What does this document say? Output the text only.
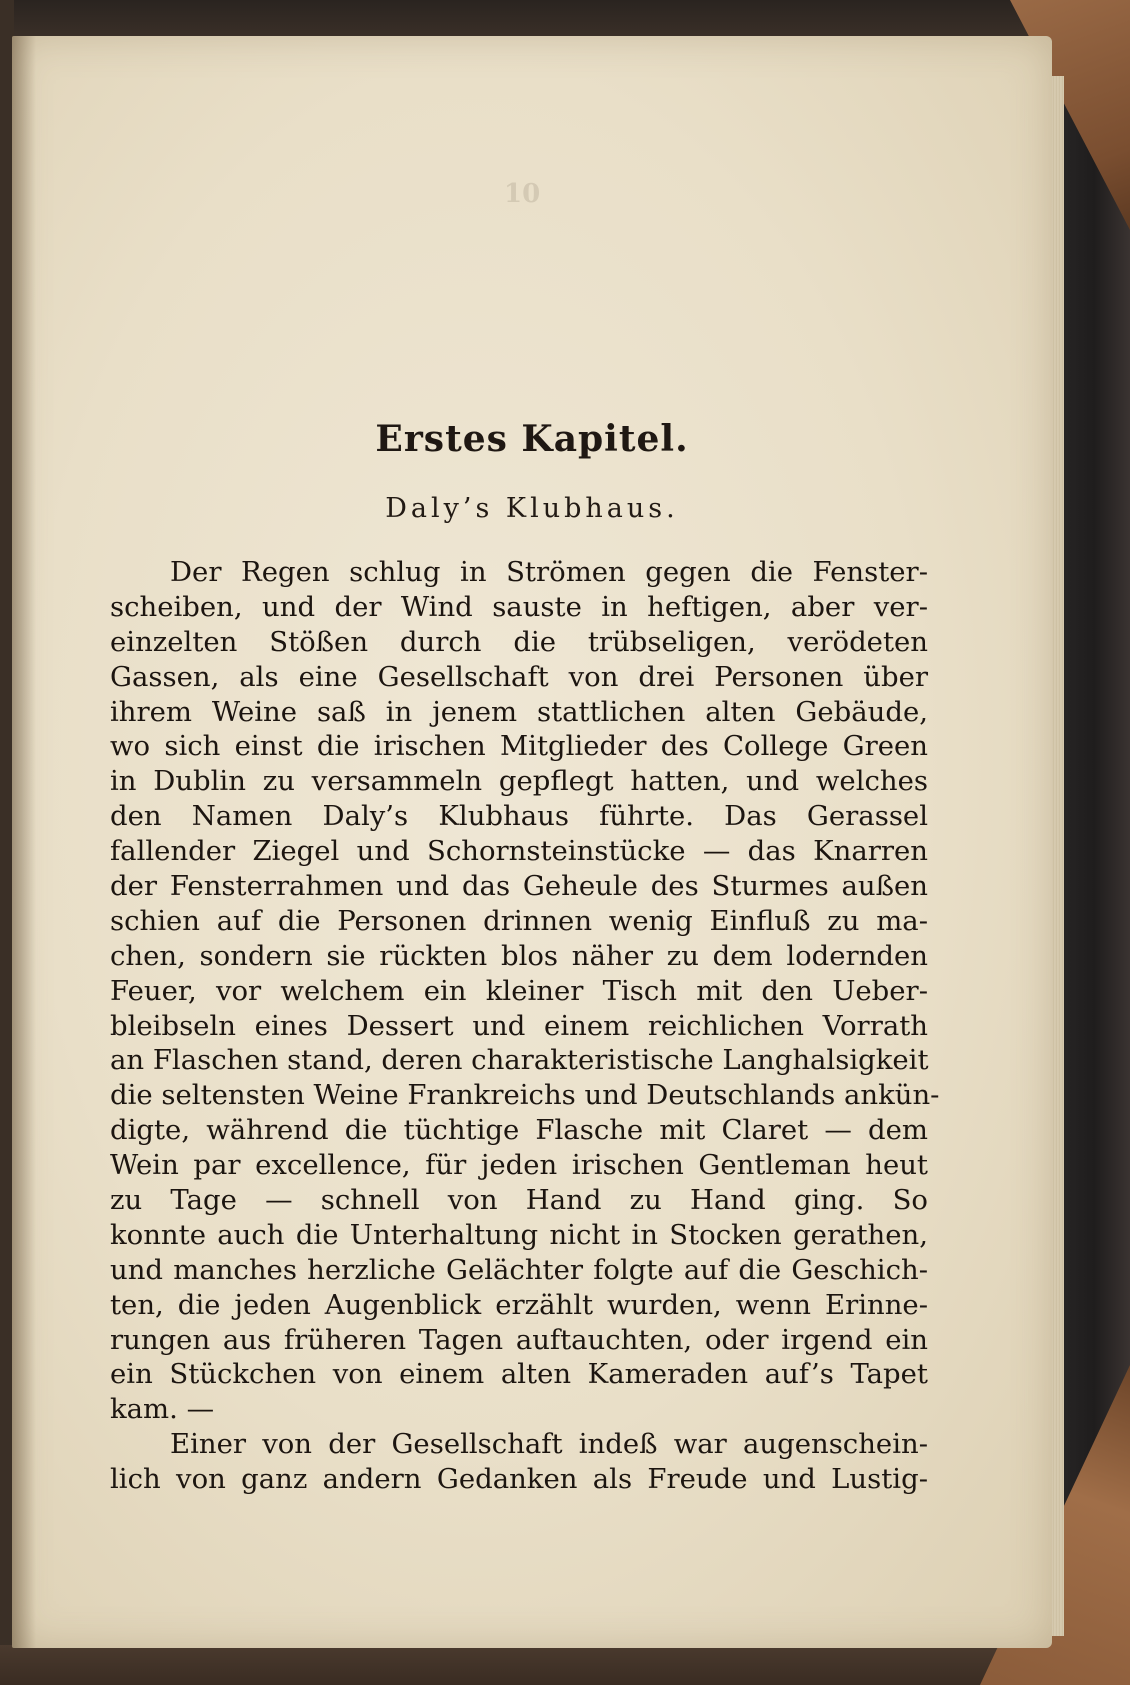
10
Erstes Kapitel.
Daly’s Klubhaus.
Der Regen schlug in Strömen gegen die Fenster-
scheiben, und der Wind sauste in heftigen, aber ver-
einzelten Stößen durch die trübseligen, verödeten
Gassen, als eine Gesellschaft von drei Personen über
ihrem Weine saß in jenem stattlichen alten Gebäude,
wo sich einst die irischen Mitglieder des College Green
in Dublin zu versammeln gepflegt hatten, und welches
den Namen Daly’s Klubhaus führte. Das Gerassel
fallender Ziegel und Schornsteinstücke — das Knarren
der Fensterrahmen und das Geheule des Sturmes außen
schien auf die Personen drinnen wenig Einfluß zu ma-
chen, sondern sie rückten blos näher zu dem lodernden
Feuer, vor welchem ein kleiner Tisch mit den Ueber-
bleibseln eines Dessert und einem reichlichen Vorrath
an Flaschen stand, deren charakteristische Langhalsigkeit
die seltensten Weine Frankreichs und Deutschlands ankün-
digte, während die tüchtige Flasche mit Claret — dem
Wein par excellence, für jeden irischen Gentleman heut
zu Tage — schnell von Hand zu Hand ging. So
konnte auch die Unterhaltung nicht in Stocken gerathen,
und manches herzliche Gelächter folgte auf die Geschich-
ten, die jeden Augenblick erzählt wurden, wenn Erinne-
rungen aus früheren Tagen auftauchten, oder irgend ein
ein Stückchen von einem alten Kameraden auf’s Tapet
kam. —
Einer von der Gesellschaft indeß war augenschein-
lich von ganz andern Gedanken als Freude und Lustig-
